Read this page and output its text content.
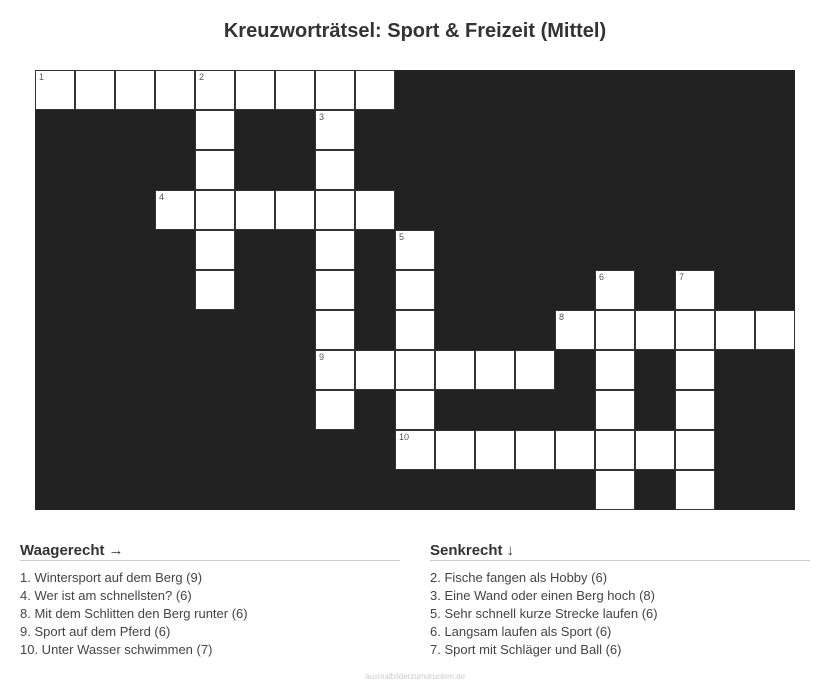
Kreuzworträtsel: Sport & Freizeit (Mittel)
1	2
3
4
5
6	7
8
9
10
Waagerecht →
1. Wintersport auf dem Berg (9)
4. Wer ist am schnellsten? (6)
8. Mit dem Schlitten den Berg runter (6)
9. Sport auf dem Pferd (6)
10. Unter Wasser schwimmen (7)
Senkrecht ↓
2. Fische fangen als Hobby (6)
3. Eine Wand oder einen Berg hoch (8)
5. Sehr schnell kurze Strecke laufen (6)
6. Langsam laufen als Sport (6)
7. Sport mit Schläger und Ball (6)
ausmalbilderzumdrucken.de
